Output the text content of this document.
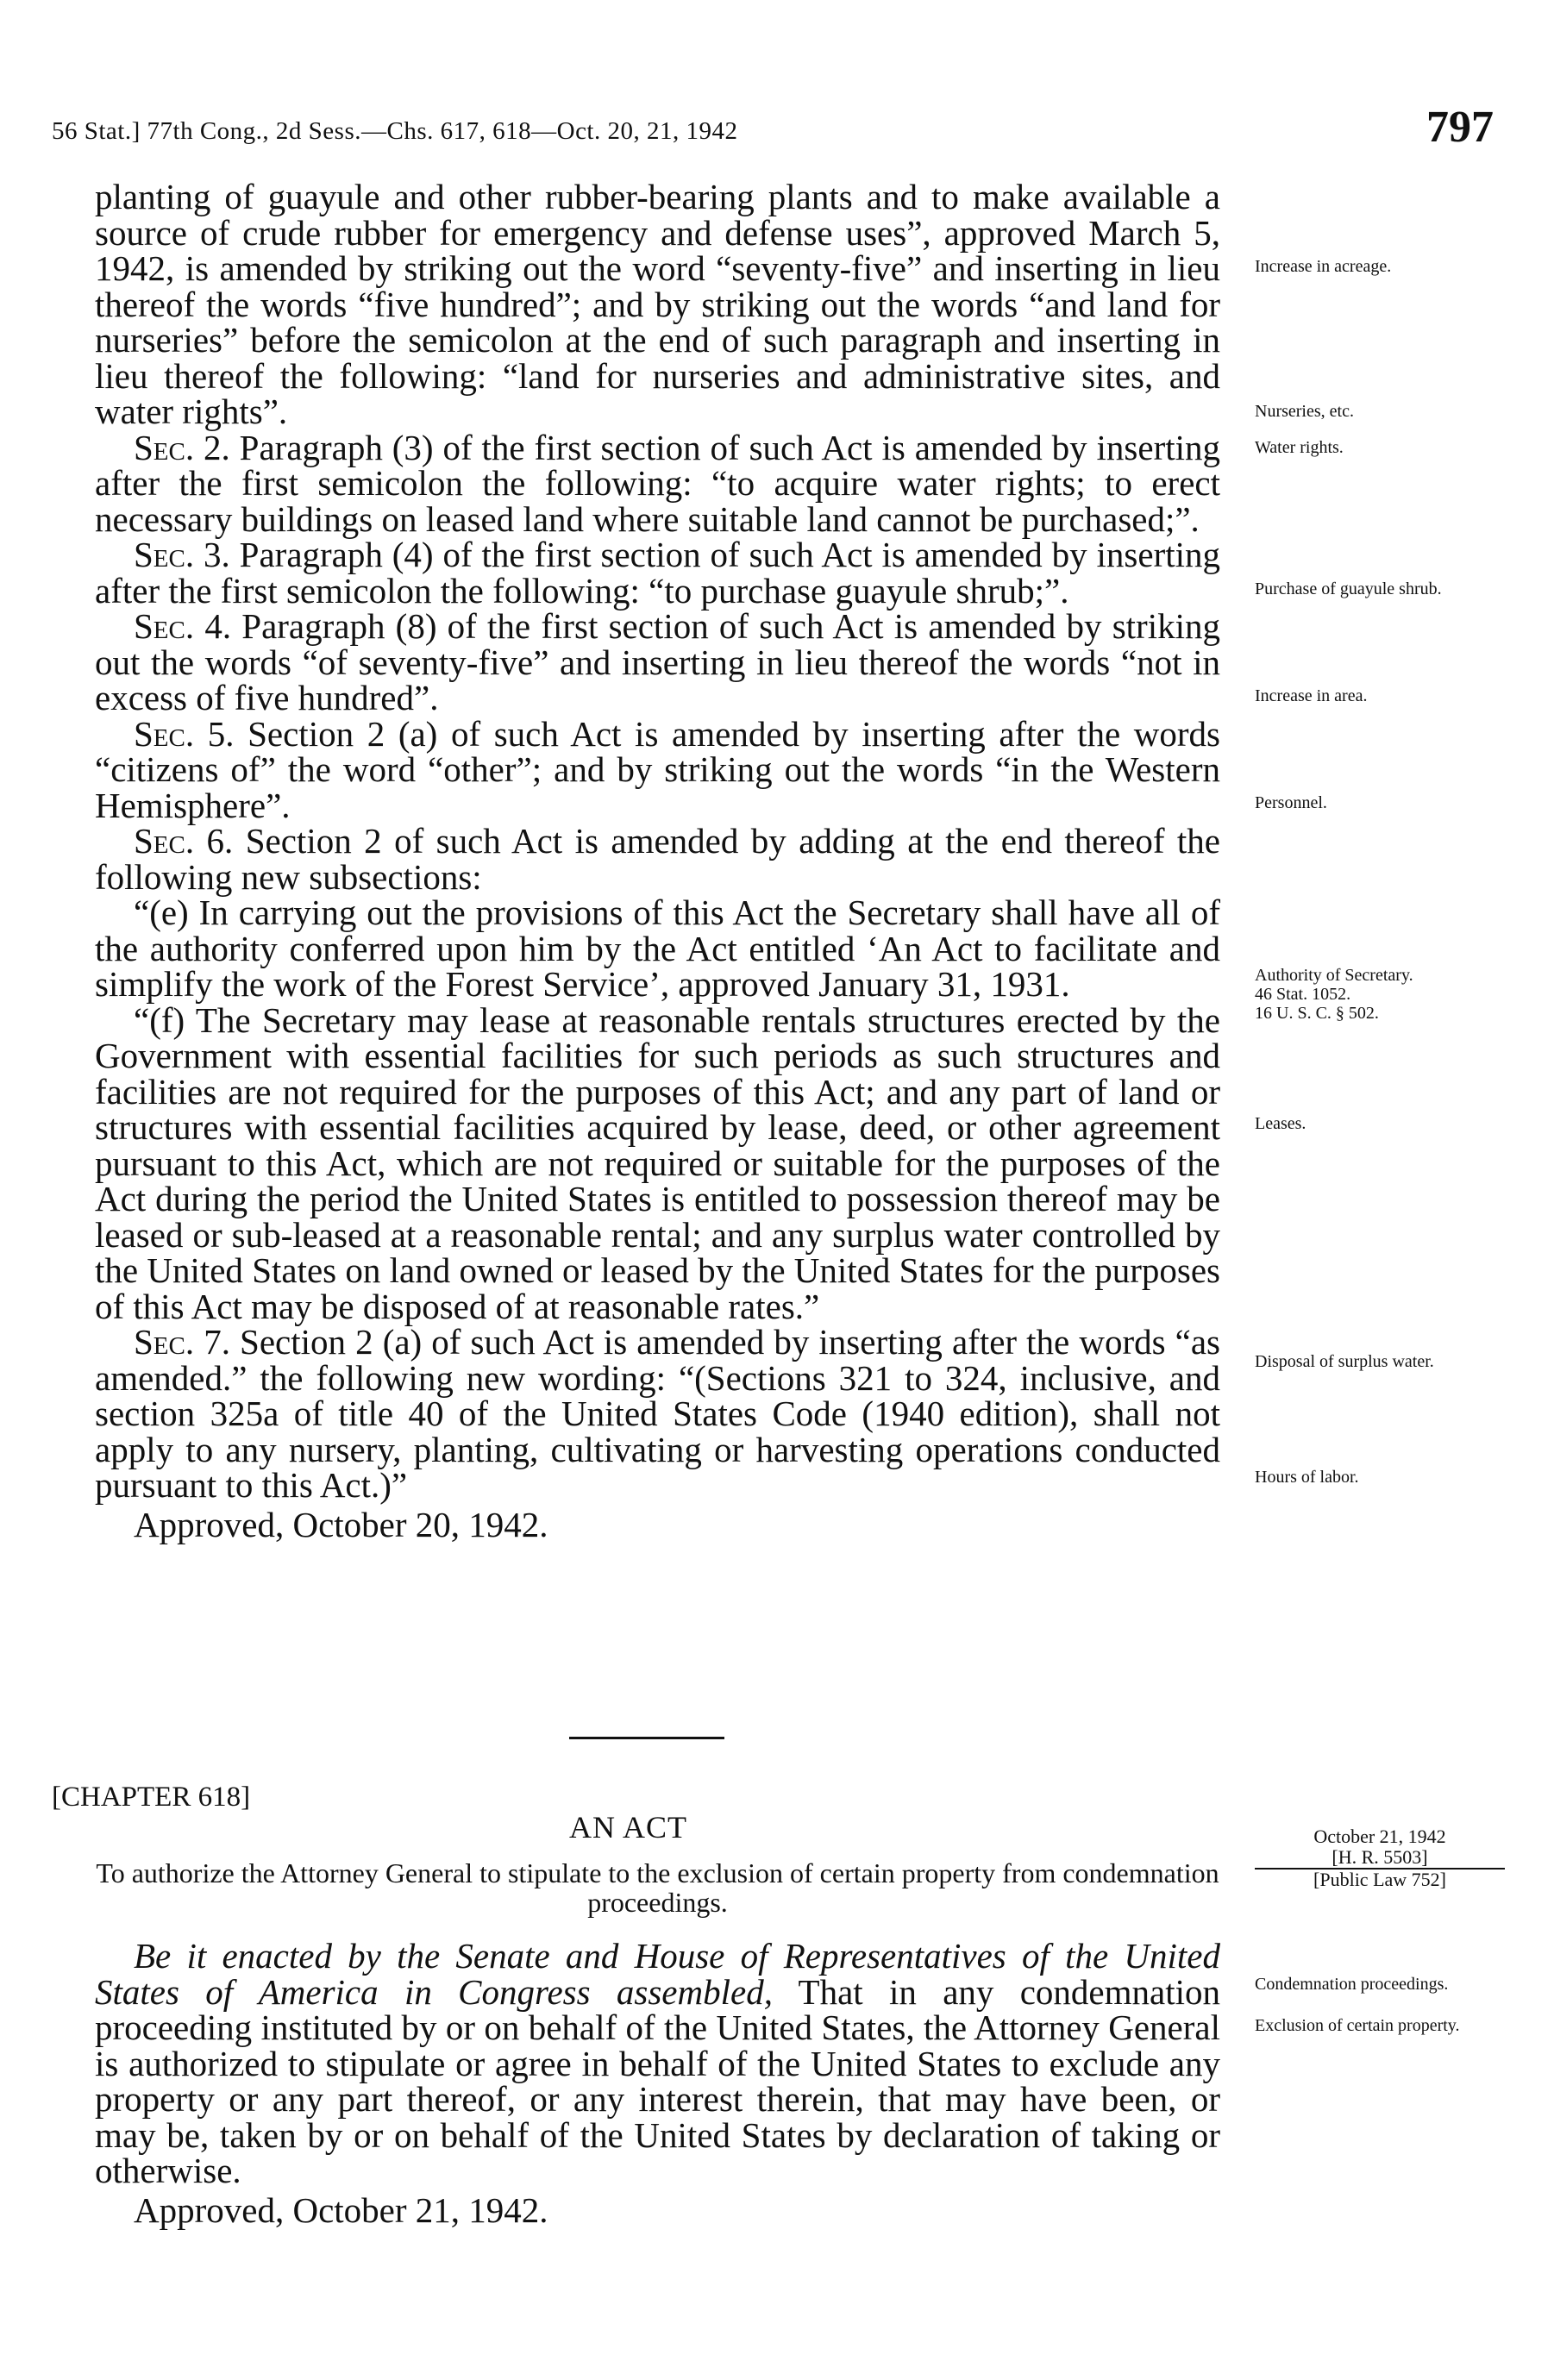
56 Stat.] 77th Cong., 2d Sess.—Chs. 617, 618—Oct. 20, 21, 1942	797

planting of guayule and other rubber-bearing plants and to make available a source of crude rubber for emergency and defense uses”, approved March 5, 1942, is amended by striking out the word “seventy-five” and inserting in lieu thereof the words “five hundred”; and by striking out the words “and land for nurseries” before the semicolon at the end of such paragraph and inserting in lieu thereof the following: “land for nurseries and administrative sites, and water rights”.

Sec. 2. Paragraph (3) of the first section of such Act is amended by inserting after the first semicolon the following: “to acquire water rights; to erect necessary buildings on leased land where suitable land cannot be purchased;”.

Sec. 3. Paragraph (4) of the first section of such Act is amended by inserting after the first semicolon the following: “to purchase guayule shrub;”.

Sec. 4. Paragraph (8) of the first section of such Act is amended by striking out the words “of seventy-five” and inserting in lieu thereof the words “not in excess of five hundred”.

Sec. 5. Section 2 (a) of such Act is amended by inserting after the words “citizens of” the word “other”; and by striking out the words “in the Western Hemisphere”.

Sec. 6. Section 2 of such Act is amended by adding at the end thereof the following new subsections:

“(e) In carrying out the provisions of this Act the Secretary shall have all of the authority conferred upon him by the Act entitled ‘An Act to facilitate and simplify the work of the Forest Service’, approved January 31, 1931.

“(f) The Secretary may lease at reasonable rentals structures erected by the Government with essential facilities for such periods as such structures and facilities are not required for the purposes of this Act; and any part of land or structures with essential facilities acquired by lease, deed, or other agreement pursuant to this Act, which are not required or suitable for the purposes of the Act during the period the United States is entitled to possession thereof may be leased or sub-leased at a reasonable rental; and any surplus water controlled by the United States on land owned or leased by the United States for the purposes of this Act may be disposed of at reasonable rates.”

Sec. 7. Section 2 (a) of such Act is amended by inserting after the words “as amended.” the following new wording: “(Sections 321 to 324, inclusive, and section 325a of title 40 of the United States Code (1940 edition), shall not apply to any nursery, planting, cultivating or harvesting operations conducted pursuant to this Act.)”

Approved, October 20, 1942.

Increase in acreage.
Nurseries, etc.
Water rights.
Purchase of guayule shrub.
Increase in area.
Personnel.
Authority of Secretary.
46 Stat. 1052.
16 U. S. C. § 502.
Leases.
Disposal of surplus water.
Hours of labor.
[CHAPTER 618]
AN ACT
To authorize the Attorney General to stipulate to the exclusion of certain property from condemnation proceedings.
October 21, 1942
[H. R. 5503]
[Public Law 752]

Be it enacted by the Senate and House of Representatives of the United States of America in Congress assembled, That in any condemnation proceeding instituted by or on behalf of the United States, the Attorney General is authorized to stipulate or agree in behalf of the United States to exclude any property or any part thereof, or any interest therein, that may have been, or may be, taken by or on behalf of the United States by declaration of taking or otherwise.

Approved, October 21, 1942.

Condemnation proceedings.
Exclusion of certain property.
